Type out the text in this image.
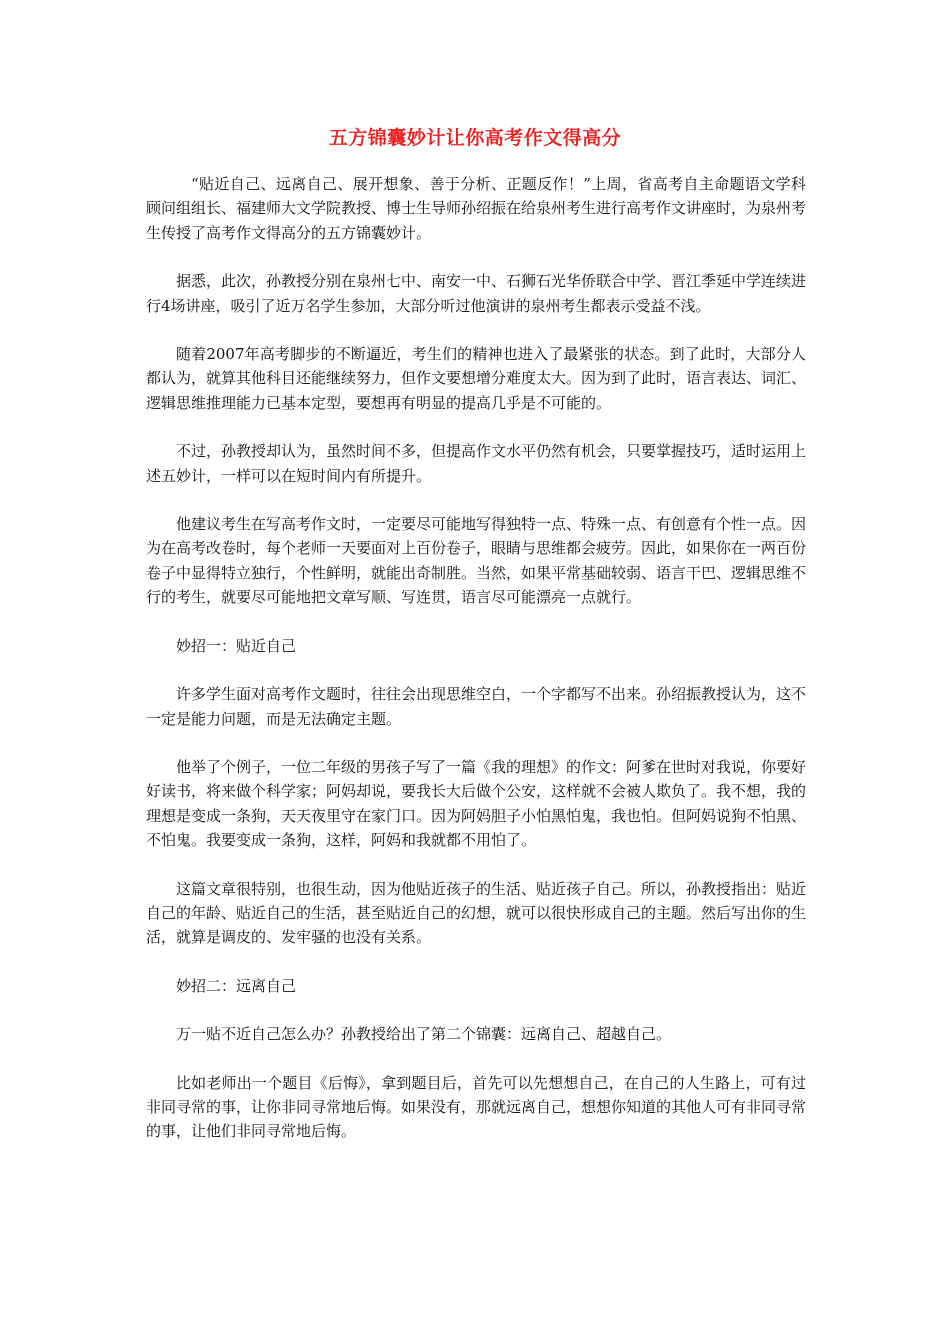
五方锦囊妙计让你高考作文得高分

“贴近自己、远离自己、展开想象、善于分析、正题反作！”上周，省高考自主命题语文学科顾问组组长、福建师大文学院教授、博士生导师孙绍振在给泉州考生进行高考作文讲座时，为泉州考生传授了高考作文得高分的五方锦囊妙计。

据悉，此次，孙教授分别在泉州七中、南安一中、石狮石光华侨联合中学、晋江季延中学连续进行4场讲座，吸引了近万名学生参加，大部分听过他演讲的泉州考生都表示受益不浅。

随着2007年高考脚步的不断逼近，考生们的精神也进入了最紧张的状态。到了此时，大部分人都认为，就算其他科目还能继续努力，但作文要想增分难度太大。因为到了此时，语言表达、词汇、逻辑思维推理能力已基本定型，要想再有明显的提高几乎是不可能的。

不过，孙教授却认为，虽然时间不多，但提高作文水平仍然有机会，只要掌握技巧，适时运用上述五妙计，一样可以在短时间内有所提升。

他建议考生在写高考作文时，一定要尽可能地写得独特一点、特殊一点、有创意有个性一点。因为在高考改卷时，每个老师一天要面对上百份卷子，眼睛与思维都会疲劳。因此，如果你在一两百份卷子中显得特立独行，个性鲜明，就能出奇制胜。当然，如果平常基础较弱、语言干巴、逻辑思维不行的考生，就要尽可能地把文章写顺、写连贯，语言尽可能漂亮一点就行。

妙招一：贴近自己

许多学生面对高考作文题时，往往会出现思维空白，一个字都写不出来。孙绍振教授认为，这不一定是能力问题，而是无法确定主题。

他举了个例子，一位二年级的男孩子写了一篇《我的理想》的作文：阿爹在世时对我说，你要好好读书，将来做个科学家；阿妈却说，要我长大后做个公安，这样就不会被人欺负了。我不想，我的理想是变成一条狗，天天夜里守在家门口。因为阿妈胆子小怕黑怕鬼，我也怕。但阿妈说狗不怕黑、不怕鬼。我要变成一条狗，这样，阿妈和我就都不用怕了。

这篇文章很特别，也很生动，因为他贴近孩子的生活、贴近孩子自己。所以，孙教授指出：贴近自己的年龄、贴近自己的生活，甚至贴近自己的幻想，就可以很快形成自己的主题。然后写出你的生活，就算是调皮的、发牢骚的也没有关系。

妙招二：远离自己

万一贴不近自己怎么办？孙教授给出了第二个锦囊：远离自己、超越自己。

比如老师出一个题目《后悔》，拿到题目后，首先可以先想想自己，在自己的人生路上，可有过非同寻常的事，让你非同寻常地后悔。如果没有，那就远离自己，想想你知道的其他人可有非同寻常的事，让他们非同寻常地后悔。
